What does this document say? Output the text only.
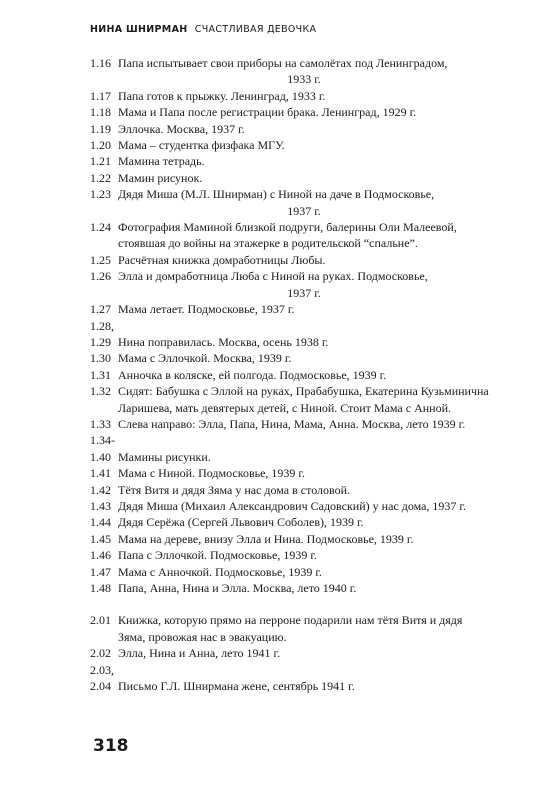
НИНА ШНИРМАН СЧАСТЛИВАЯ ДЕВОЧКА
1.16 Папа испытывает свои приборы на самолётах под Ленинградом,
1933 г.
1.17 Папа готов к прыжку. Ленинград, 1933 г.
1.18 Мама и Папа после регистрации брака. Ленинград, 1929 г.
1.19 Эллочка. Москва, 1937 г.
1.20 Мама – студентка физфака МГУ.
1.21 Мамина тетрадь.
1.22 Мамин рисунок.
1.23 Дядя Миша (М.Л. Шнирман) с Ниной на даче в Подмосковье,
1937 г.
1.24 Фотография Маминой близкой подруги, балерины Оли Малеевой, стоявшая до войны на этажерке в родительской “спальне”.
1.25 Расчётная книжка домработницы Любы.
1.26 Элла и домработница Люба с Ниной на руках. Подмосковье,
1937 г.
1.27 Мама летает. Подмосковье, 1937 г.
1.28,
1.29 Нина поправилась. Москва, осень 1938 г.
1.30 Мама с Эллочкой. Москва, 1939 г.
1.31 Анночка в коляске, ей полгода. Подмосковье, 1939 г.
1.32 Сидят: Бабушка с Эллой на руках, Прабабушка, Екатерина Кузьминична Ларишева, мать девятерых детей, с Ниной. Стоит Мама с Анной.
1.33 Слева направо: Элла, Папа, Нина, Мама, Анна. Москва, лето 1939 г.
1.34-
1.40 Мамины рисунки.
1.41 Мама с Ниной. Подмосковье, 1939 г.
1.42 Тётя Витя и дядя Зяма у нас дома в столовой.
1.43 Дядя Миша (Михаил Александрович Садовский) у нас дома, 1937 г.
1.44 Дядя Серёжа (Сергей Львович Соболев), 1939 г.
1.45 Мама на дереве, внизу Элла и Нина. Подмосковье, 1939 г.
1.46 Папа с Эллочкой. Подмосковье, 1939 г.
1.47 Мама с Анночкой. Подмосковье, 1939 г.
1.48 Папа, Анна, Нина и Элла. Москва, лето 1940 г.
2.01 Книжка, которую прямо на перроне подарили нам тётя Витя и дядя Зяма, провожая нас в эвакуацию.
2.02 Элла, Нина и Анна, лето 1941 г.
2.03,
2.04 Письмо Г.Л. Шнирмана жене, сентябрь 1941 г.
318
